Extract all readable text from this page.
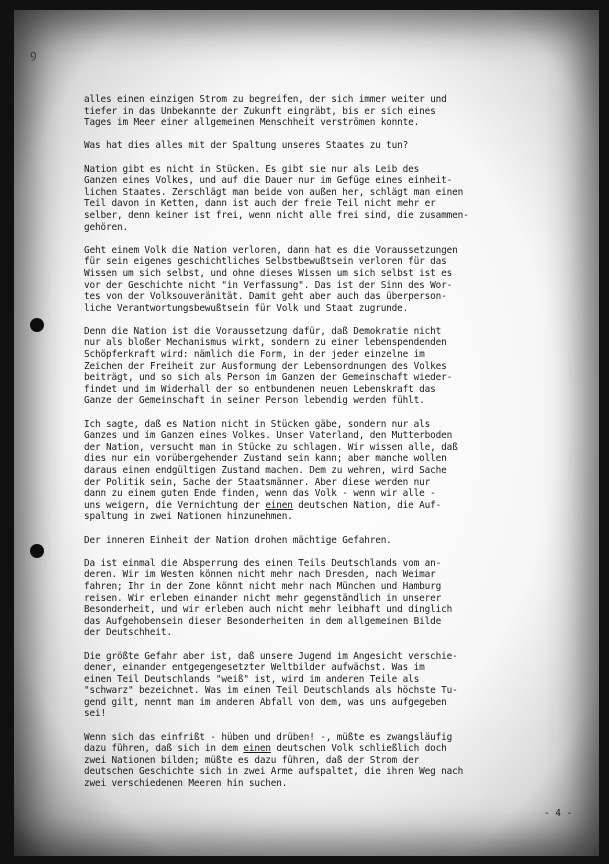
ꝯ
alles einen einzigen Strom zu begreifen, der sich immer weiter und
tiefer in das Unbekannte der Zukunft eingräbt, bis er sich eines
Tages im Meer einer allgemeinen Menschheit verströmen konnte.
Was hat dies alles mit der Spaltung unseres Staates zu tun?
Nation gibt es nicht in Stücken. Es gibt sie nur als Leib des
Ganzen eines Volkes, und auf die Dauer nur im Gefüge eines einheit-
lichen Staates. Zerschlägt man beide von außen her, schlägt man einen
Teil davon in Ketten, dann ist auch der freie Teil nicht mehr er
selber, denn keiner ist frei, wenn nicht alle frei sind, die zusammen-
gehören.
Geht einem Volk die Nation verloren, dann hat es die Voraussetzungen
für sein eigenes geschichtliches Selbstbewußtsein verloren für das
Wissen um sich selbst, und ohne dieses Wissen um sich selbst ist es
vor der Geschichte nicht "in Verfassung". Das ist der Sinn des Wor-
tes von der Volksouveränität. Damit geht aber auch das überperson-
liche Verantwortungsbewußtsein für Volk und Staat zugrunde.
Denn die Nation ist die Voraussetzung dafür, daß Demokratie nicht
nur als bloßer Mechanismus wirkt, sondern zu einer lebenspendenden
Schöpferkraft wird: nämlich die Form, in der jeder einzelne im
Zeichen der Freiheit zur Ausformung der Lebensordnungen des Volkes
beiträgt, und so sich als Person im Ganzen der Gemeinschaft wieder-
findet und im Widerhall der so entbundenen neuen Lebenskraft das
Ganze der Gemeinschaft in seiner Person lebendig werden fühlt.
Ich sagte, daß es Nation nicht in Stücken gäbe, sondern nur als
Ganzes und im Ganzen eines Volkes. Unser Vaterland, den Mutterboden
der Nation, versucht man in Stücke zu schlagen. Wir wissen alle, daß
dies nur ein vorübergehender Zustand sein kann; aber manche wollen
daraus einen endgültigen Zustand machen. Dem zu wehren, wird Sache
der Politik sein, Sache der Staatsmänner. Aber diese werden nur
dann zu einem guten Ende finden, wenn das Volk - wenn wir alle -
uns weigern, die Vernichtung der einen deutschen Nation, die Auf-
spaltung in zwei Nationen hinzunehmen.
Der inneren Einheit der Nation drohen mächtige Gefahren.
Da ist einmal die Absperrung des einen Teils Deutschlands vom an-
deren. Wir im Westen können nicht mehr nach Dresden, nach Weimar
fahren; Ihr in der Zone könnt nicht mehr nach München und Hamburg
reisen. Wir erleben einander nicht mehr gegenständlich in unserer
Besonderheit, und wir erleben auch nicht mehr leibhaft und dinglich
das Aufgehobensein dieser Besonderheiten in dem allgemeinen Bilde
der Deutschheit.
Die größte Gefahr aber ist, daß unsere Jugend im Angesicht verschie-
dener, einander entgegengesetzter Weltbilder aufwächst. Was im
einen Teil Deutschlands "weiß" ist, wird im anderen Teile als
"schwarz" bezeichnet. Was im einen Teil Deutschlands als höchste Tu-
gend gilt, nennt man im anderen Abfall von dem, was uns aufgegeben
sei!
Wenn sich das einfrißt - hüben und drüben! -, müßte es zwangsläufig
dazu führen, daß sich in dem einen deutschen Volk schließlich doch
zwei Nationen bilden; müßte es dazu führen, daß der Strom der
deutschen Geschichte sich in zwei Arme aufspaltet, die ihren Weg nach
zwei verschiedenen Meeren hin suchen.
- 4 -
